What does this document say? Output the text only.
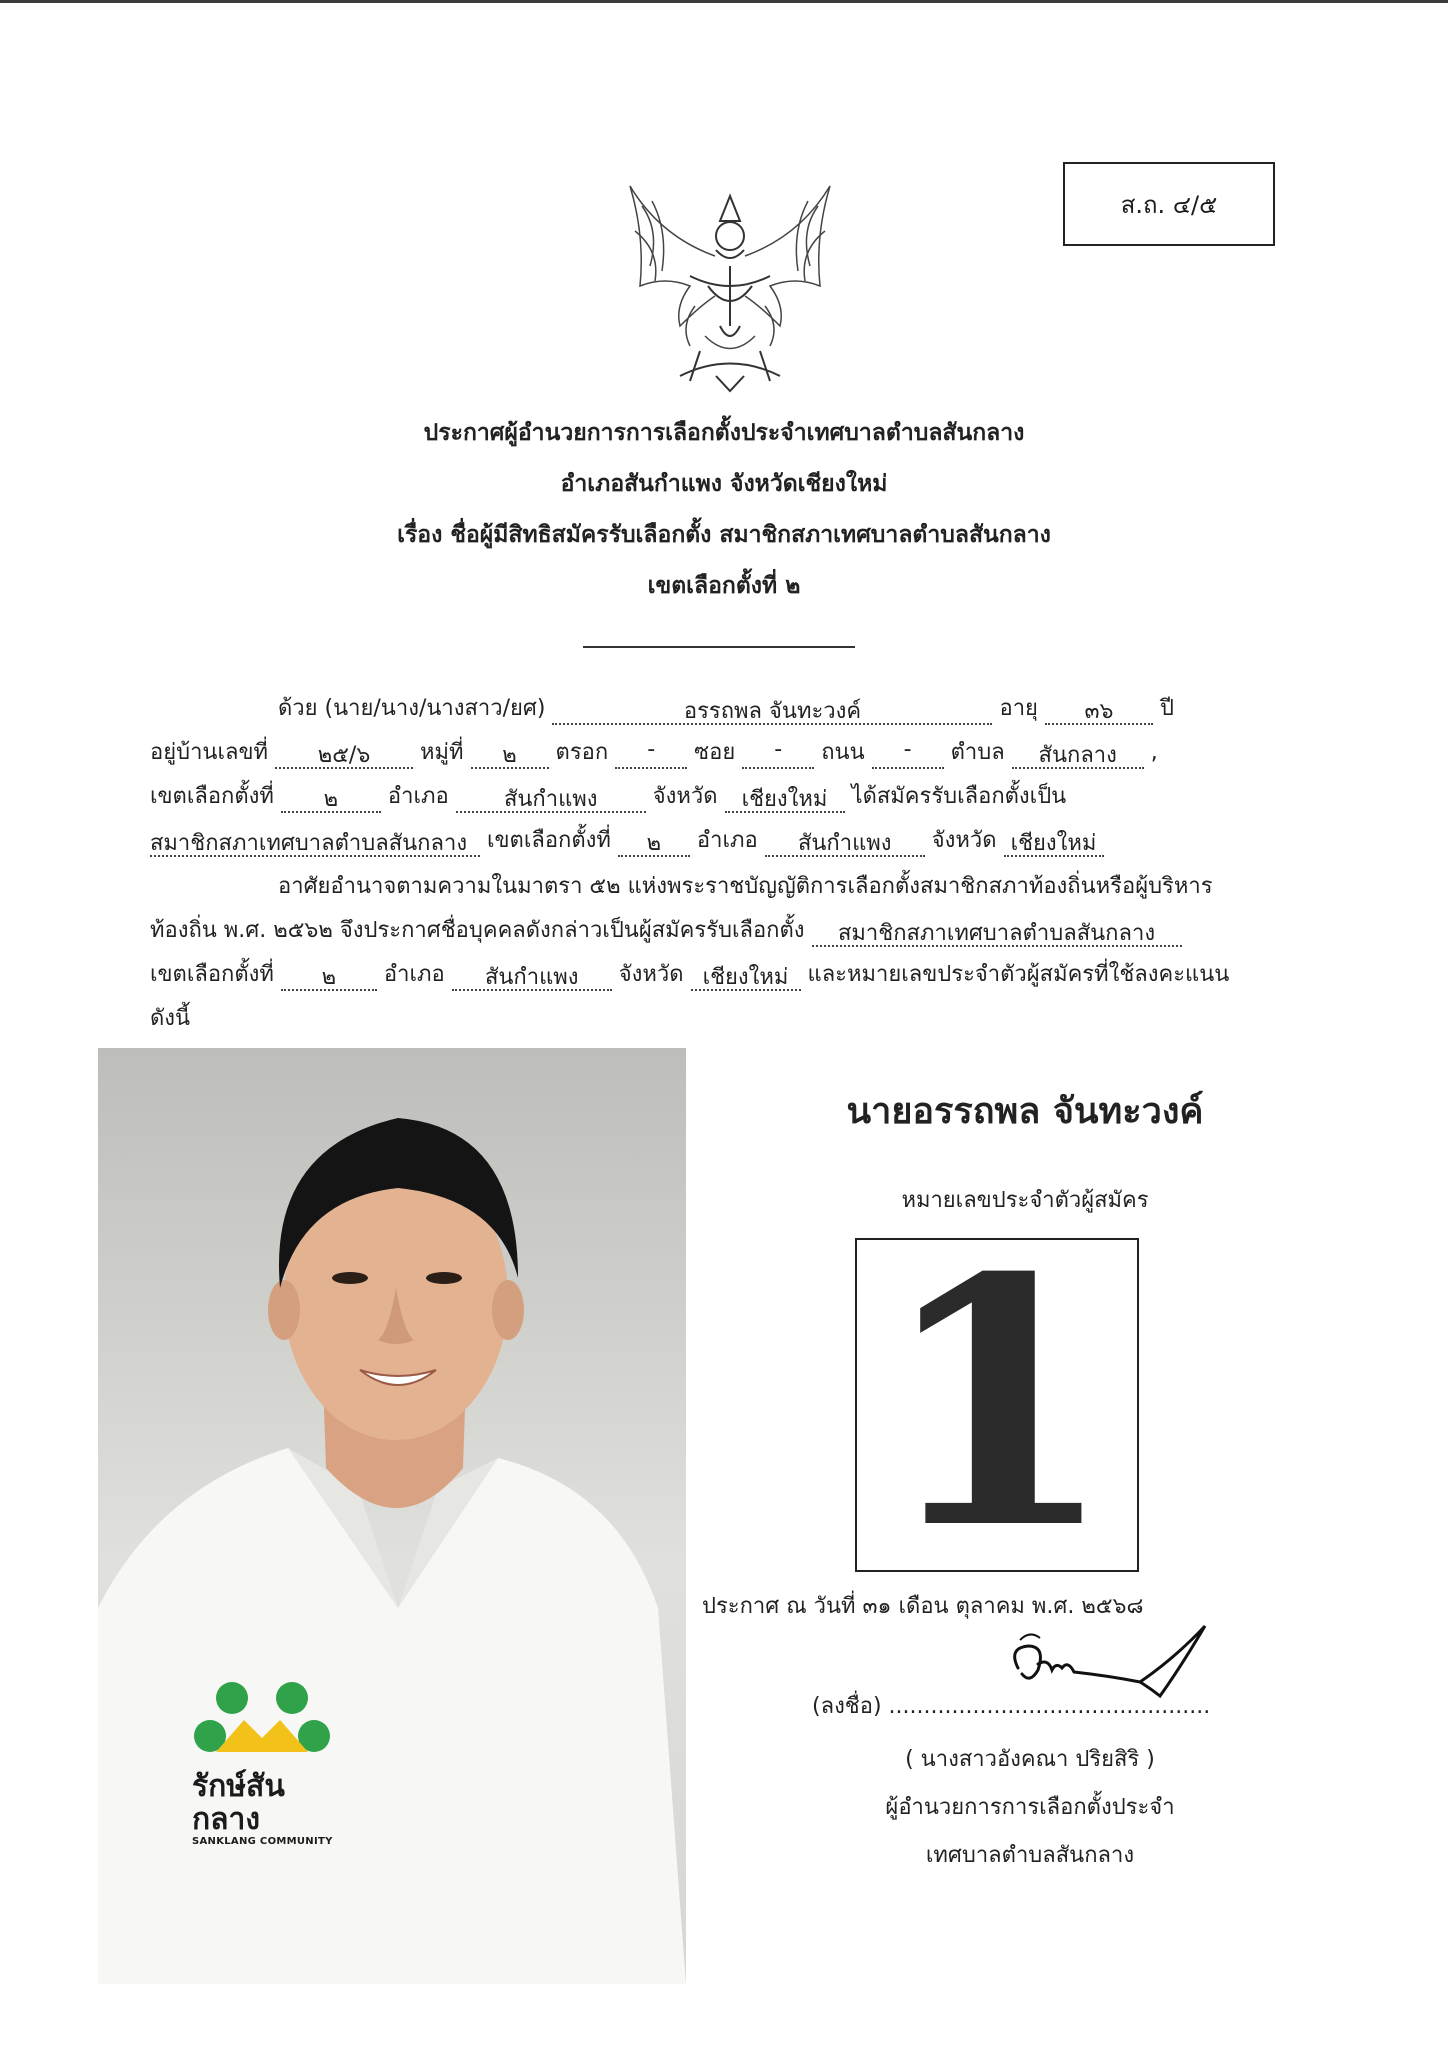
ส.ถ. ๔/๕
ประกาศผู้อำนวยการการเลือกตั้งประจำเทศบาลตำบลสันกลาง
อำเภอสันกำแพง จังหวัดเชียงใหม่
เรื่อง ชื่อผู้มีสิทธิสมัครรับเลือกตั้ง สมาชิกสภาเทศบาลตำบลสันกลาง
เขตเลือกตั้งที่ ๒
ด้วย (นาย/นาง/นางสาว/ยศ)	อรรถพล จันทะวงค์	อายุ ๓๖ ปี
อยู่บ้านเลขที่ ๒๕/๖ หมู่ที่ ๒ ตรอก - ซอย - ถนน - ตำบล สันกลาง ,
เขตเลือกตั้งที่ ๒ อำเภอ	สันกำแพง	จังหวัด เชียงใหม่ ได้สมัครรับเลือกตั้งเป็น
สมาชิกสภาเทศบาลตำบลสันกลาง เขตเลือกตั้งที่ ๒ อำเภอ สันกำแพง จังหวัด เชียงใหม่
อาศัยอำนาจตามความในมาตรา ๕๒ แห่งพระราชบัญญัติการเลือกตั้งสมาชิกสภาท้องถิ่นหรือผู้บริหาร
ท้องถิ่น พ.ศ. ๒๕๖๒ จึงประกาศชื่อบุคคลดังกล่าวเป็นผู้สมัครรับเลือกตั้ง สมาชิกสภาเทศบาลตำบลสันกลาง
เขตเลือกตั้งที่ ๒ อำเภอ สันกำแพง จังหวัด เชียงใหม่ และหมายเลขประจำตัวผู้สมัครที่ใช้ลงคะแนน
ดังนี้
รักษ์สันกลาง
SANKLANG COMMUNITY
นายอรรถพล จันทะวงค์
หมายเลขประจำตัวผู้สมัคร
1
ประกาศ ณ วันที่ ๓๑ เดือน ตุลาคม พ.ศ. ๒๕๖๘
(ลงชื่อ) ..............................................
( นางสาวอังคณา ปริยสิริ )
ผู้อำนวยการการเลือกตั้งประจำ
เทศบาลตำบลสันกลาง
